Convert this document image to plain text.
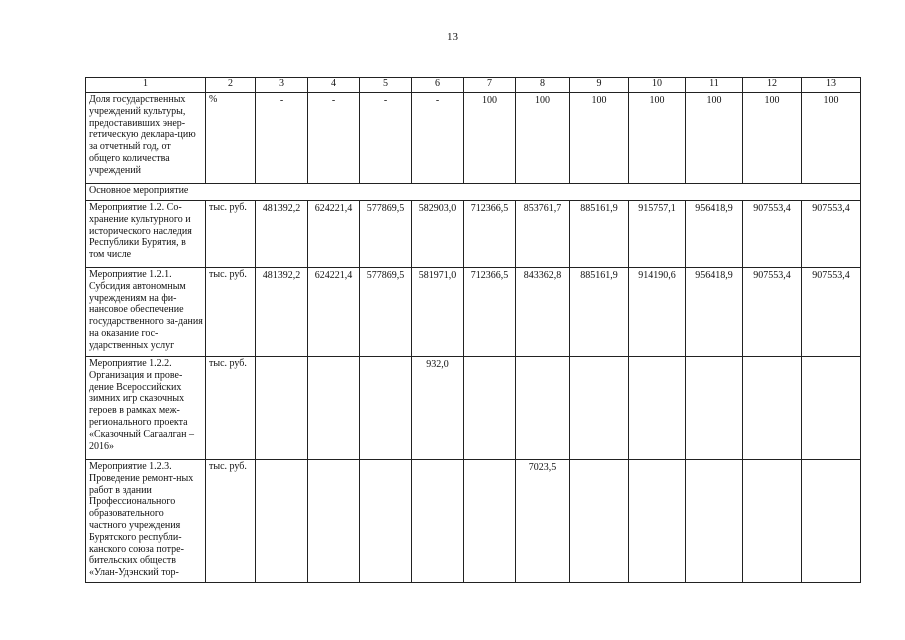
13
1	2	3	4	5	6	7	8	9	10	11	12	13
Доля государственных учреждений культуры, предоставивших энер-гетическую деклара-цию за отчетный год, от общего количества учреждений	%	-	-	-	-	100	100	100	100	100	100	100
Основное мероприятие												
Мероприятие 1.2. Со-хранение культурного и исторического наследия Республики Бурятия, в том числе	тыс. руб.	481392,2	624221,4	577869,5	582903,0	712366,5	853761,7	885161,9	915757,1	956418,9	907553,4	907553,4
Мероприятие 1.2.1. Субсидия автономным учреждениям на фи-нансовое обеспечение государственного за-дания на оказание гос-ударственных услуг	тыс. руб.	481392,2	624221,4	577869,5	581971,0	712366,5	843362,8	885161,9	914190,6	956418,9	907553,4	907553,4
Мероприятие 1.2.2. Организация и прове-дение Всероссийских зимних игр сказочных героев в рамках меж-регионального проекта «Сказочный Сагаалган – 2016»	тыс. руб.				932,0							
Мероприятие 1.2.3. Проведение ремонт-ных работ в здании Профессионального образовательного частного учреждения Бурятского республи-канского союза потре-бительских обществ «Улан-Удэнский тор-	тыс. руб.						7023,5					
